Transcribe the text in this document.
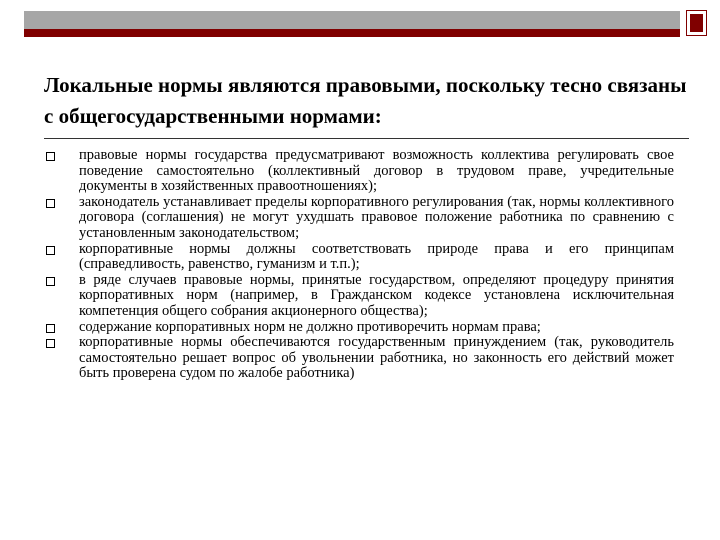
Локальные нормы являются правовыми, поскольку тесно связаны с общегосударственными нормами:
правовые нормы государства предусматривают возможность коллектива регулировать свое поведение самостоятельно (коллективный договор в трудовом праве, учредительные документы в хозяйственных правоотношениях);
законодатель устанавливает пределы корпоративного регулирования (так, нормы коллективного договора (соглашения) не могут ухудшать правовое положение работника по сравнению с установленным законодательством;
корпоративные нормы должны соответствовать природе права и его принципам (справедливость, равенство, гуманизм и т.п.);
в ряде случаев правовые нормы, принятые государством, определяют процедуру принятия корпоративных норм (например, в Гражданском кодексе установлена исключительная компетенция общего собрания акционерного общества);
содержание корпоративных норм не должно противоречить нормам права;
корпоративные нормы обеспечиваются государственным принуждением (так, руководитель самостоятельно решает вопрос об увольнении работника, но законность его действий может быть проверена судом по жалобе работника)
